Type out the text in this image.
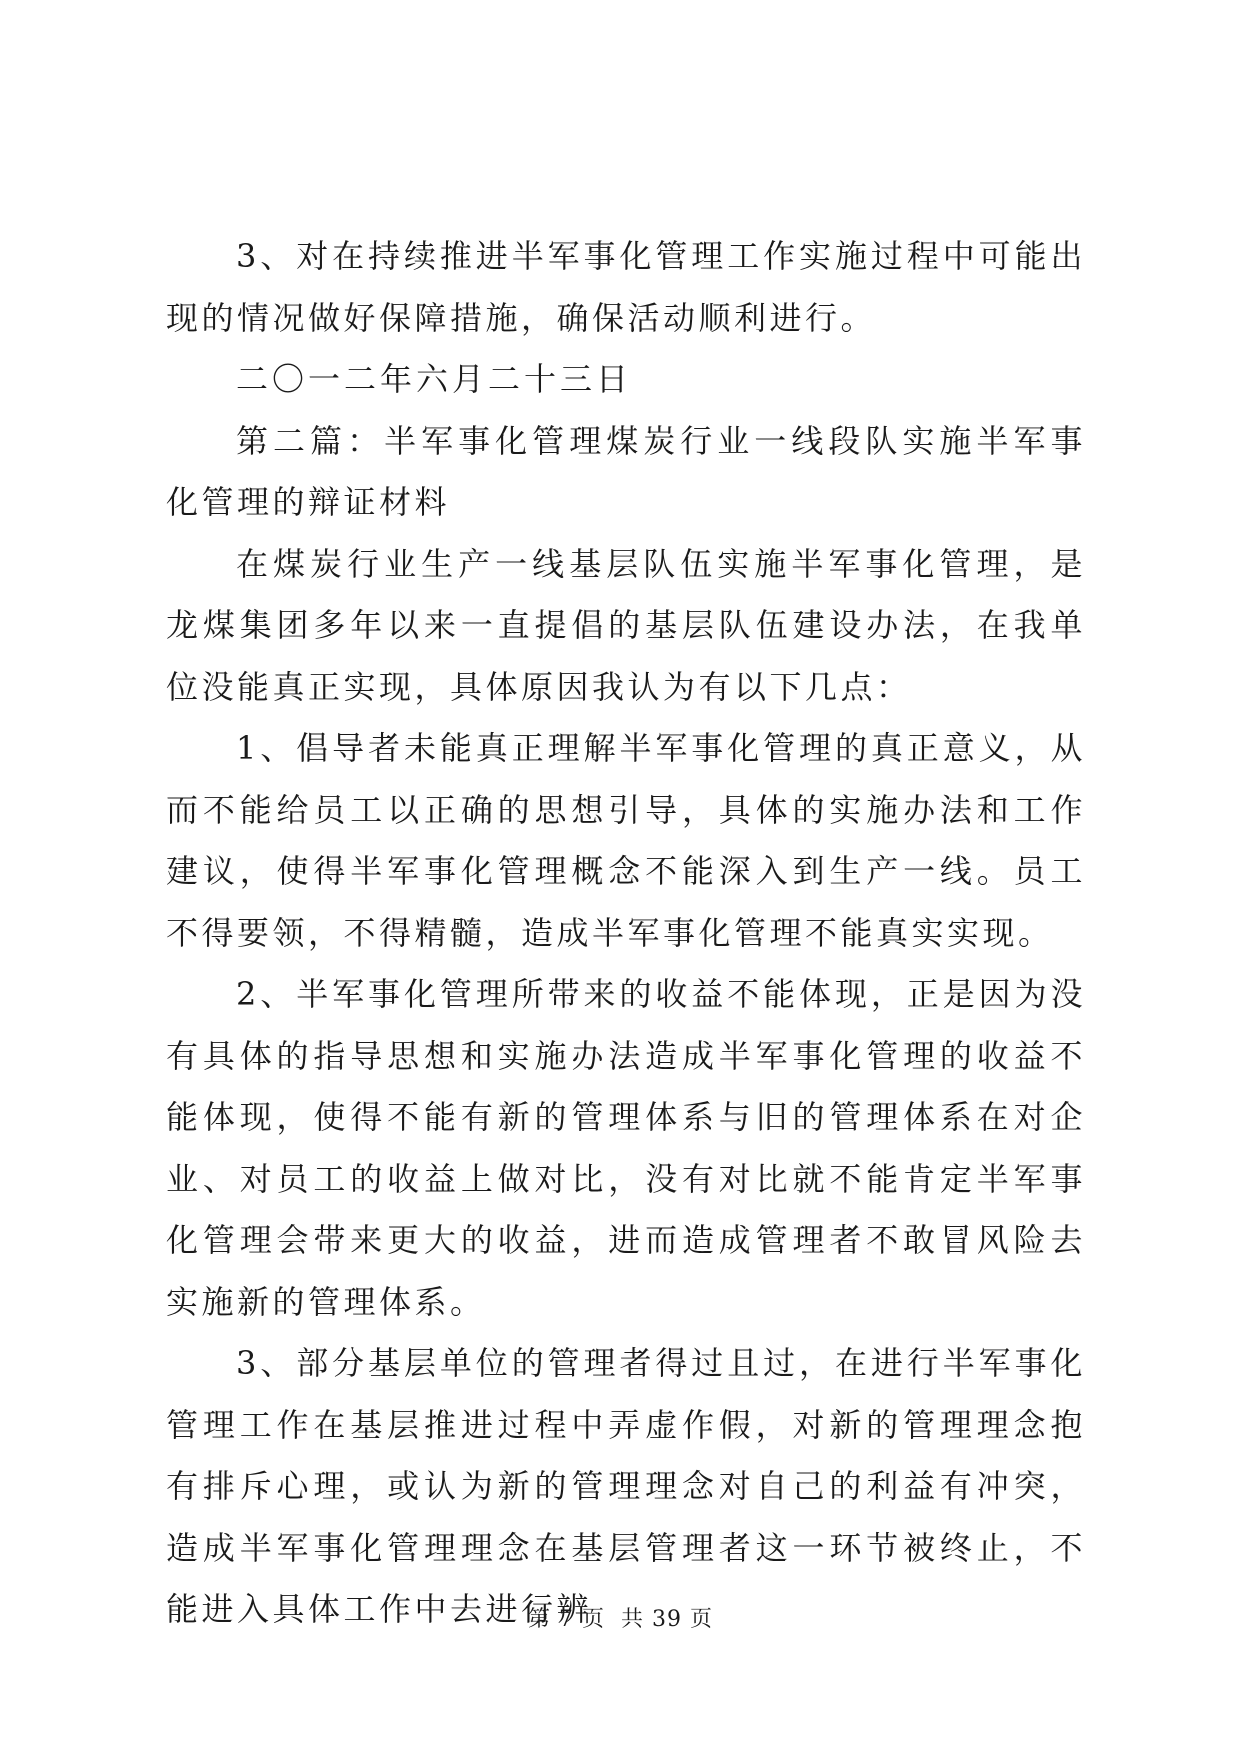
3、对在持续推进半军事化管理工作实施过程中可能出现的情况做好保障措施，确保活动顺利进行。

二〇一二年六月二十三日

第二篇：半军事化管理煤炭行业一线段队实施半军事化管理的辩证材料

在煤炭行业生产一线基层队伍实施半军事化管理，是龙煤集团多年以来一直提倡的基层队伍建设办法，在我单位没能真正实现，具体原因我认为有以下几点：

1、倡导者未能真正理解半军事化管理的真正意义，从而不能给员工以正确的思想引导，具体的实施办法和工作建议，使得半军事化管理概念不能深入到生产一线。员工不得要领，不得精髓，造成半军事化管理不能真实实现。

2、半军事化管理所带来的收益不能体现，正是因为没有具体的指导思想和实施办法造成半军事化管理的收益不能体现，使得不能有新的管理体系与旧的管理体系在对企业、对员工的收益上做对比，没有对比就不能肯定半军事化管理会带来更大的收益，进而造成管理者不敢冒风险去实施新的管理体系。

3、部分基层单位的管理者得过且过，在进行半军事化管理工作在基层推进过程中弄虚作假，对新的管理理念抱有排斥心理，或认为新的管理理念对自己的利益有冲突，造成半军事化管理理念在基层管理者这一环节被终止，不能进入具体工作中去进行辨

第 7 页  共 39 页
